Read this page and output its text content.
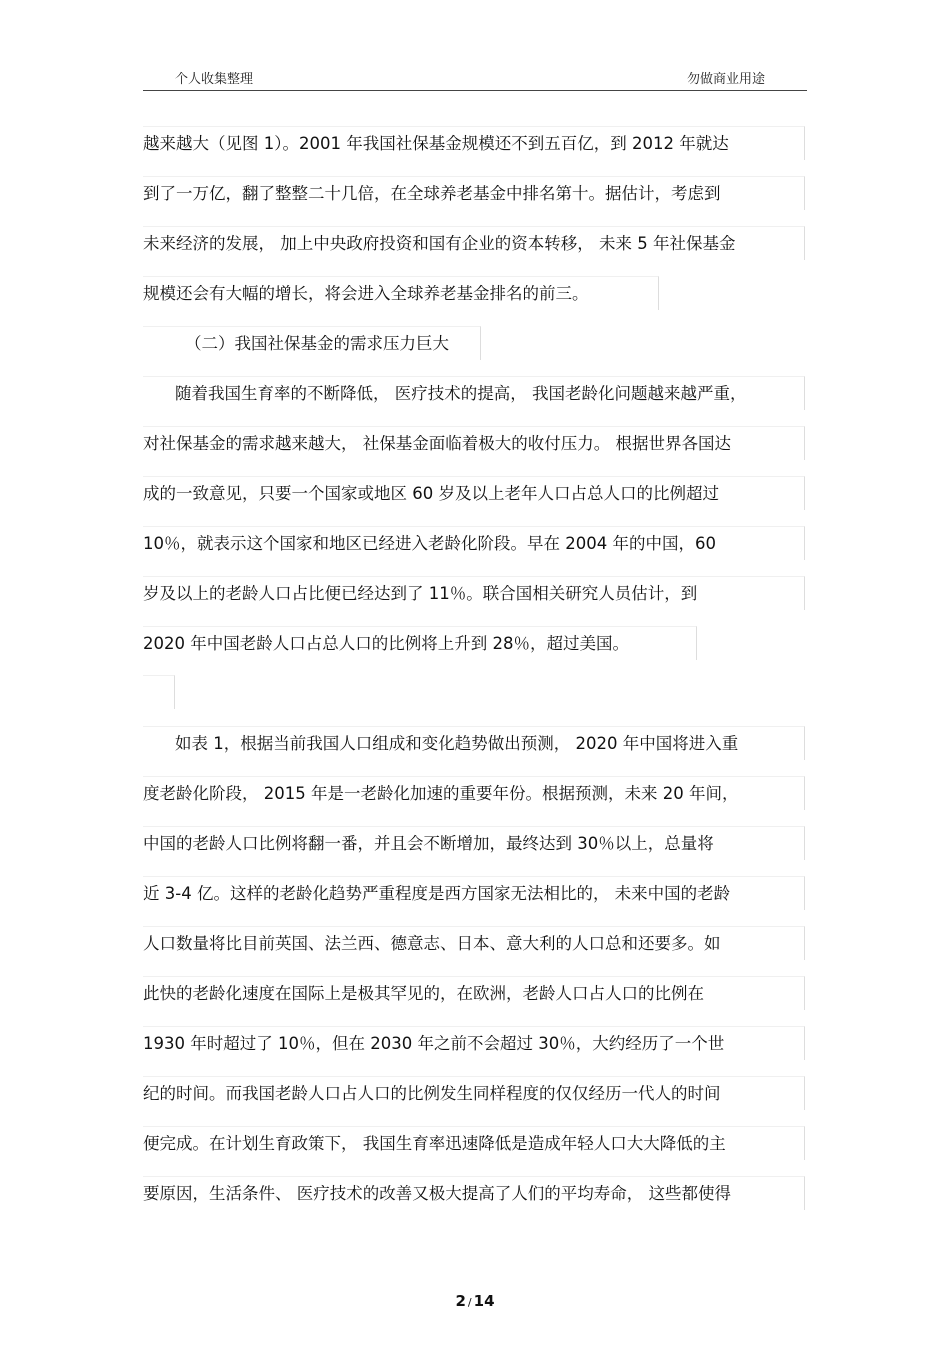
个人收集整理	勿做商业用途
越来越大（见图 1）。2001 年我国社保基金规模还不到五百亿，到 2012 年就达
到了一万亿，翻了整整二十几倍，在全球养老基金中排名第十。据估计，考虑到
未来经济的发展， 加上中央政府投资和国有企业的资本转移， 未来 5 年社保基金
规模还会有大幅的增长，将会进入全球养老基金排名的前三。
（二）我国社保基金的需求压力巨大
随着我国生育率的不断降低， 医疗技术的提高， 我国老龄化问题越来越严重，
对社保基金的需求越来越大， 社保基金面临着极大的收付压力。 根据世界各国达
成的一致意见，只要一个国家或地区 60 岁及以上老年人口占总人口的比例超过
10％，就表示这个国家和地区已经进入老龄化阶段。早在 2004 年的中国，60
岁及以上的老龄人口占比便已经达到了 11％。联合国相关研究人员估计，到
2020 年中国老龄人口占总人口的比例将上升到 28％，超过美国。
如表 1，根据当前我国人口组成和变化趋势做出预测， 2020 年中国将进入重
度老龄化阶段， 2015 年是一老龄化加速的重要年份。根据预测，未来 20 年间，
中国的老龄人口比例将翻一番，并且会不断增加，最终达到 30％以上，总量将
近 3-4 亿。这样的老龄化趋势严重程度是西方国家无法相比的， 未来中国的老龄
人口数量将比目前英国、法兰西、德意志、日本、意大利的人口总和还要多。如
此快的老龄化速度在国际上是极其罕见的，在欧洲，老龄人口占人口的比例在
1930 年时超过了 10％，但在 2030 年之前不会超过 30％，大约经历了一个世
纪的时间。而我国老龄人口占人口的比例发生同样程度的仅仅经历一代人的时间
便完成。在计划生育政策下， 我国生育率迅速降低是造成年轻人口大大降低的主
要原因，生活条件、 医疗技术的改善又极大提高了人们的平均寿命， 这些都使得
2 / 14
